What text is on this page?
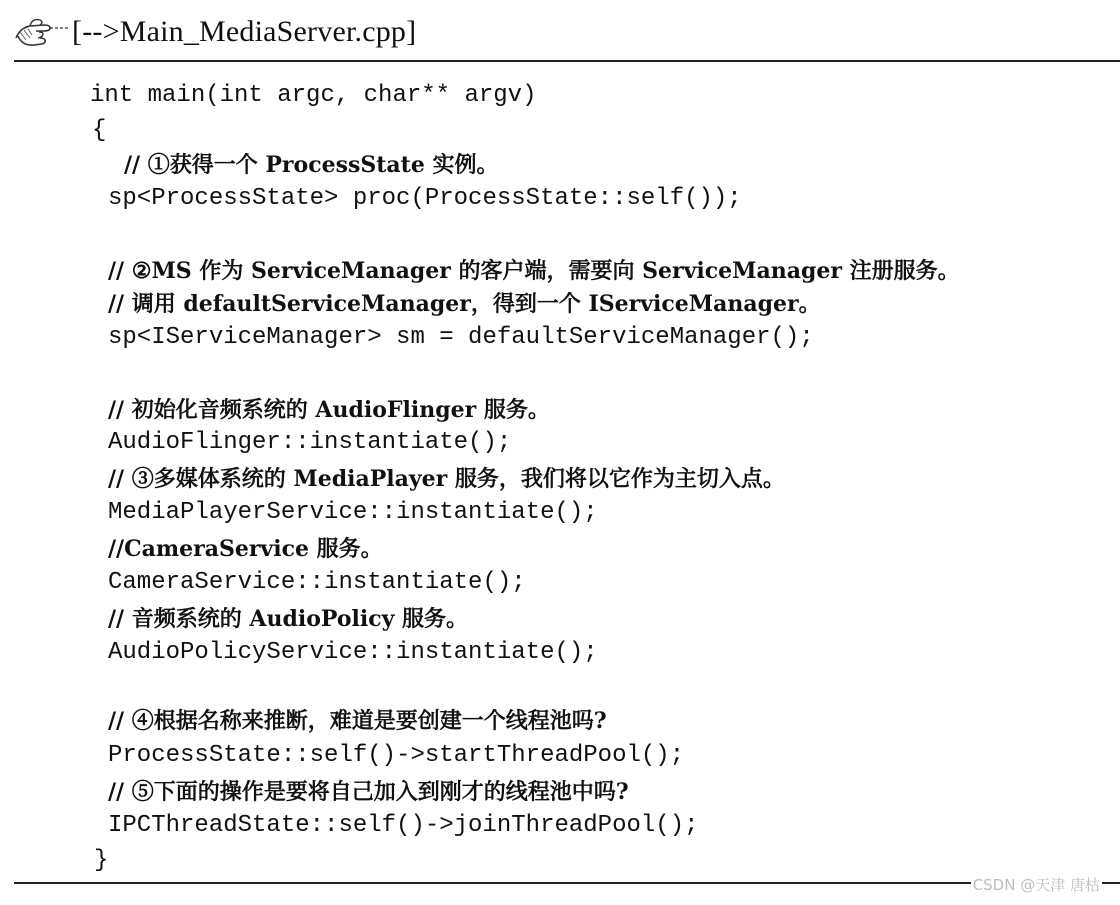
[-->Main_MediaServer.cpp]
int main(int argc, char** argv)
{
// ①获得一个 ProcessState 实例。
sp<ProcessState> proc(ProcessState::self());
// ②MS 作为 ServiceManager 的客户端，需要向 ServiceManager 注册服务。
// 调用 defaultServiceManager，得到一个 IServiceManager。
sp<IServiceManager> sm = defaultServiceManager();
// 初始化音频系统的 AudioFlinger 服务。
AudioFlinger::instantiate();
// ③多媒体系统的 MediaPlayer 服务，我们将以它作为主切入点。
MediaPlayerService::instantiate();
//CameraService 服务。
CameraService::instantiate();
// 音频系统的 AudioPolicy 服务。
AudioPolicyService::instantiate();
// ④根据名称来推断，难道是要创建一个线程池吗?
ProcessState::self()->startThreadPool();
// ⑤下面的操作是要将自己加入到刚才的线程池中吗?
IPCThreadState::self()->joinThreadPool();
}
CSDN @天津 唐枯
